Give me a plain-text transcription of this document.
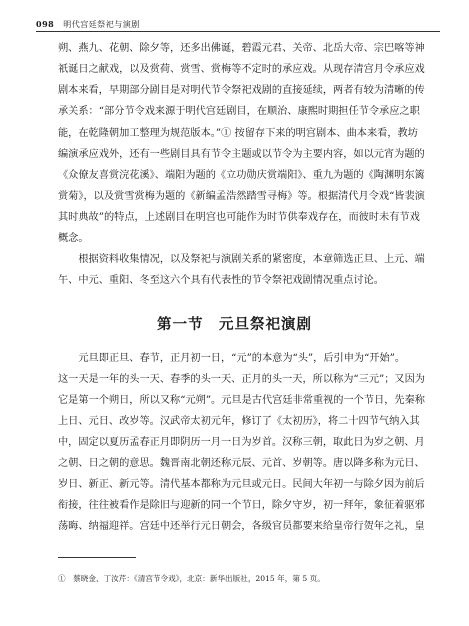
098 明代宫廷祭祀与演剧
朔、燕九、花朝、除夕等，还多出佛诞，碧霞元君、关帝、北岳大帝、宗巴喀等神
祇诞日之献戏，以及赏荷、赏雪、赏梅等不定时的承应戏。从现存清宫月令承应戏
剧本来看，早期部分剧目是对明代节令祭祀戏剧的直接延续，两者有较为清晰的传
承关系：“部分节令戏来源于明代宫廷剧目，在顺治、康熙时期担任节令承应之职
能，在乾隆朝加工整理为规范版本。”① 按留存下来的明宫剧本、曲本来看，教坊
编演承应戏外，还有一些剧目具有节令主题或以节令为主要内容，如以元宵为题的
《众僚友喜赏浣花溪》、端阳为题的《立功勋庆赏端阳》、重九为题的《陶渊明东篱
赏菊》，以及赏雪赏梅为题的《新编孟浩然踏雪寻梅》等。根据清代月令戏“皆裴演
其时典故”的特点，上述剧目在明宫也可能作为时节供奉戏存在，而彼时未有节戏
概念。
　　根据资料收集情况，以及祭祀与演剧关系的紧密度，本章筛选正旦、上元、端
午、中元、重阳、冬至这六个具有代表性的节令祭祀戏剧情况重点讨论。
第一节　元旦祭祀演剧
　　元旦即正旦、春节，正月初一日，“元”的本意为“头”，后引申为“开始”。
这一天是一年的头一天、春季的头一天、正月的头一天，所以称为“三元”；又因为
它是第一个朔日，所以又称“元朔”。元旦是古代宫廷非常重视的一个节日，先秦称
上日、元日、改岁等。汉武帝太初元年，修订了《太初历》，将二十四节气纳入其
中，固定以夏历孟春正月即阴历一月一日为岁首。汉称三朝，取此日为岁之朝、月
之朝、日之朝的意思。魏晋南北朝还称元辰、元首、岁朝等。唐以降多称为元日、
岁日、新正、新元等。清代基本都称为元旦或元日。民间大年初一与除夕因为前后
衔接，往往被看作是除旧与迎新的同一个节日，除夕守岁，初一拜年，象征着驱邪
荡晦、纳福迎祥。宫廷中还举行元日朝会，各级官员都要来给皇帝行贺年之礼，皇
①　蔡晓金、丁汝芹：《清宫节令戏》，北京：新华出版社，2015 年，第 5 页。
